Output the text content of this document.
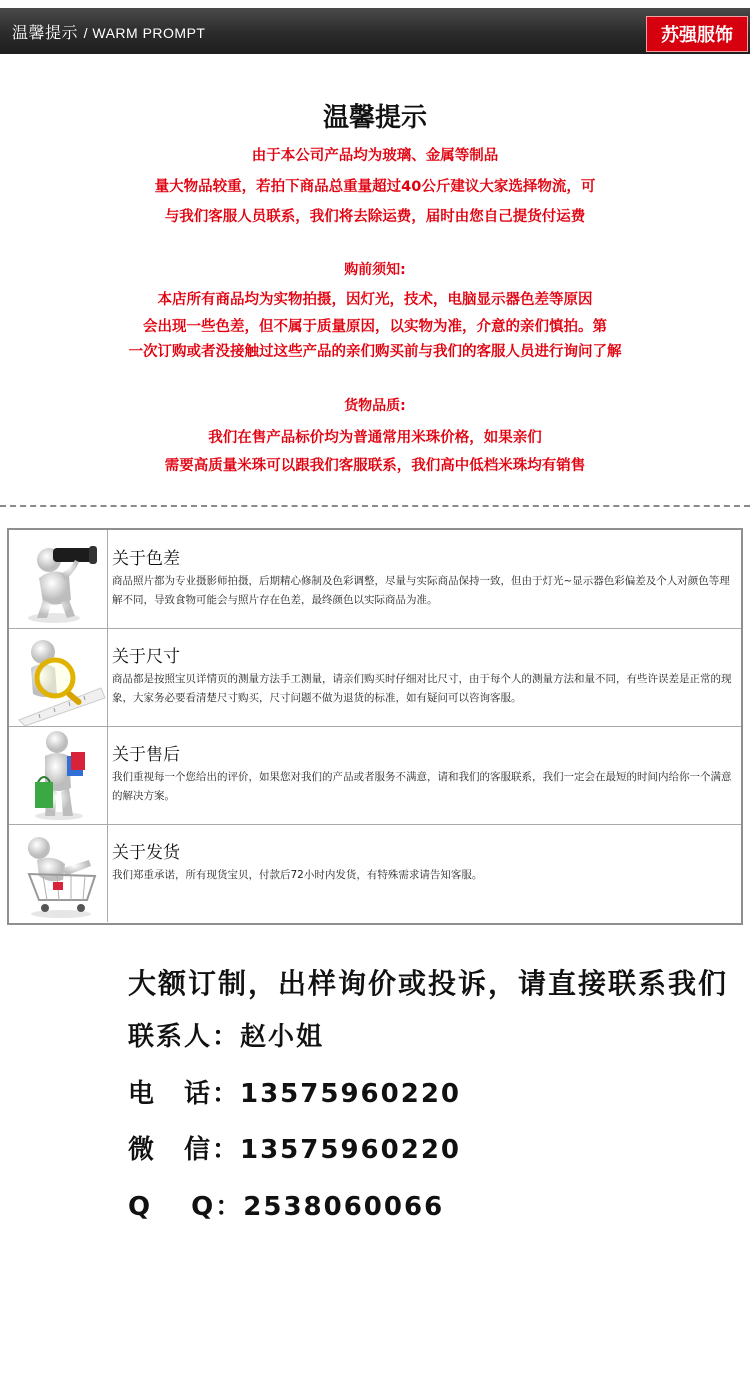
温馨提示 / WARM PROMPT	苏强服饰
温馨提示
由于本公司产品均为玻璃、金属等制品
量大物品较重，若拍下商品总重量超过40公斤建议大家选择物流，可
与我们客服人员联系，我们将去除运费，届时由您自己提货付运费
购前须知:
本店所有商品均为实物拍摄，因灯光，技术，电脑显示器色差等原因
会出现一些色差，但不属于质量原因，以实物为准，介意的亲们慎拍。第
一次订购或者没接触过这些产品的亲们购买前与我们的客服人员进行询问了解
货物品质:
我们在售产品标价均为普通常用米珠价格，如果亲们
需要高质量米珠可以跟我们客服联系，我们高中低档米珠均有销售
关于色差
商品照片都为专业摄影师拍摄，后期精心修制及色彩调整，尽量与实际商品保持一致，但由于灯光~显示器色彩偏差及个人对颜色等理解不同，导致食物可能会与照片存在色差，最终颜色以实际商品为准。
关于尺寸
商品都是按照宝贝详情页的测量方法手工测量，请亲们购买时仔细对比尺寸，由于每个人的测量方法和量不同，有些许误差是正常的现象，大家务必要看清楚尺寸购买，尺寸问题不做为退货的标准，如有疑问可以咨询客服。
关于售后
我们重视每一个您给出的评价，如果您对我们的产品或者服务不满意，请和我们的客服联系，我们一定会在最短的时间内给你一个满意的解决方案。
关于发货
我们郑重承诺，所有现货宝贝，付款后72小时内发货，有特殊需求请告知客服。
大额订制，出样询价或投诉，请直接联系我们
联系人：赵小姐
电　话：13575960220
微　信：13575960220
Q　 Q：2538060066
